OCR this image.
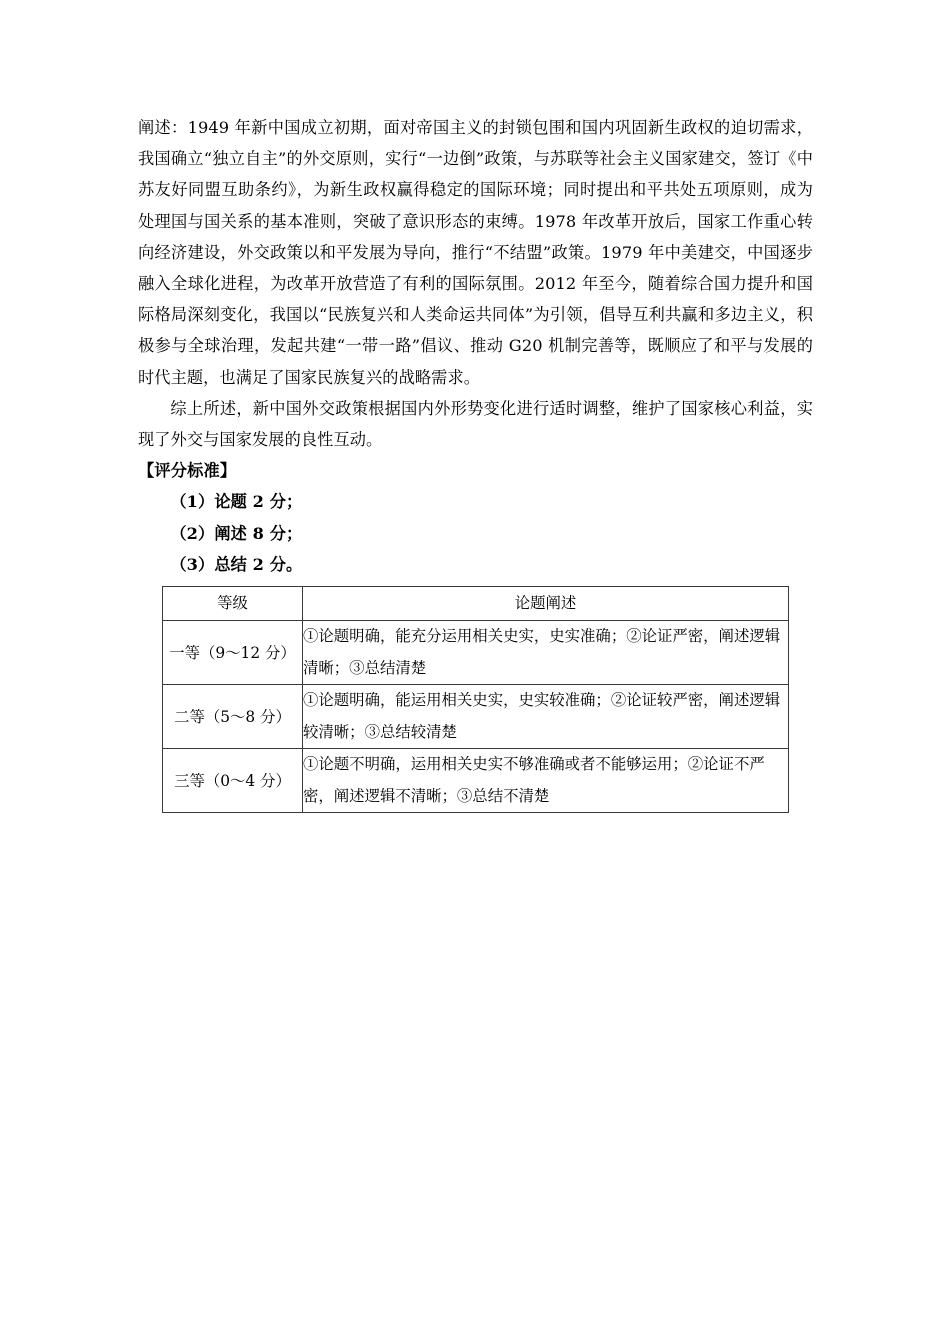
阐述：1949 年新中国成立初期，面对帝国主义的封锁包围和国内巩固新生政权的迫切需求，我国确立“独立自主”的外交原则，实行“一边倒”政策，与苏联等社会主义国家建交，签订《中苏友好同盟互助条约》，为新生政权赢得稳定的国际环境；同时提出和平共处五项原则，成为处理国与国关系的基本准则，突破了意识形态的束缚。1978 年改革开放后，国家工作重心转向经济建设，外交政策以和平发展为导向，推行“不结盟”政策。1979 年中美建交，中国逐步融入全球化进程，为改革开放营造了有利的国际氛围。2012 年至今，随着综合国力提升和国际格局深刻变化，我国以“民族复兴和人类命运共同体”为引领，倡导互利共赢和多边主义，积极参与全球治理，发起共建“一带一路”倡议、推动 G20 机制完善等，既顺应了和平与发展的时代主题，也满足了国家民族复兴的战略需求。

综上所述，新中国外交政策根据国内外形势变化进行适时调整，维护了国家核心利益，实现了外交与国家发展的良性互动。

【评分标准】

（1）论题 2 分；
（2）阐述 8 分；
（3）总结 2 分。
等级	论题阐述
一等（9～12 分）	①论题明确，能充分运用相关史实，史实准确；②论证严密，阐述逻辑清晰；③总结清楚
二等（5～8 分）	①论题明确，能运用相关史实，史实较准确；②论证较严密，阐述逻辑较清晰；③总结较清楚
三等（0～4 分）	①论题不明确，运用相关史实不够准确或者不能够运用；②论证不严密，阐述逻辑不清晰；③总结不清楚
